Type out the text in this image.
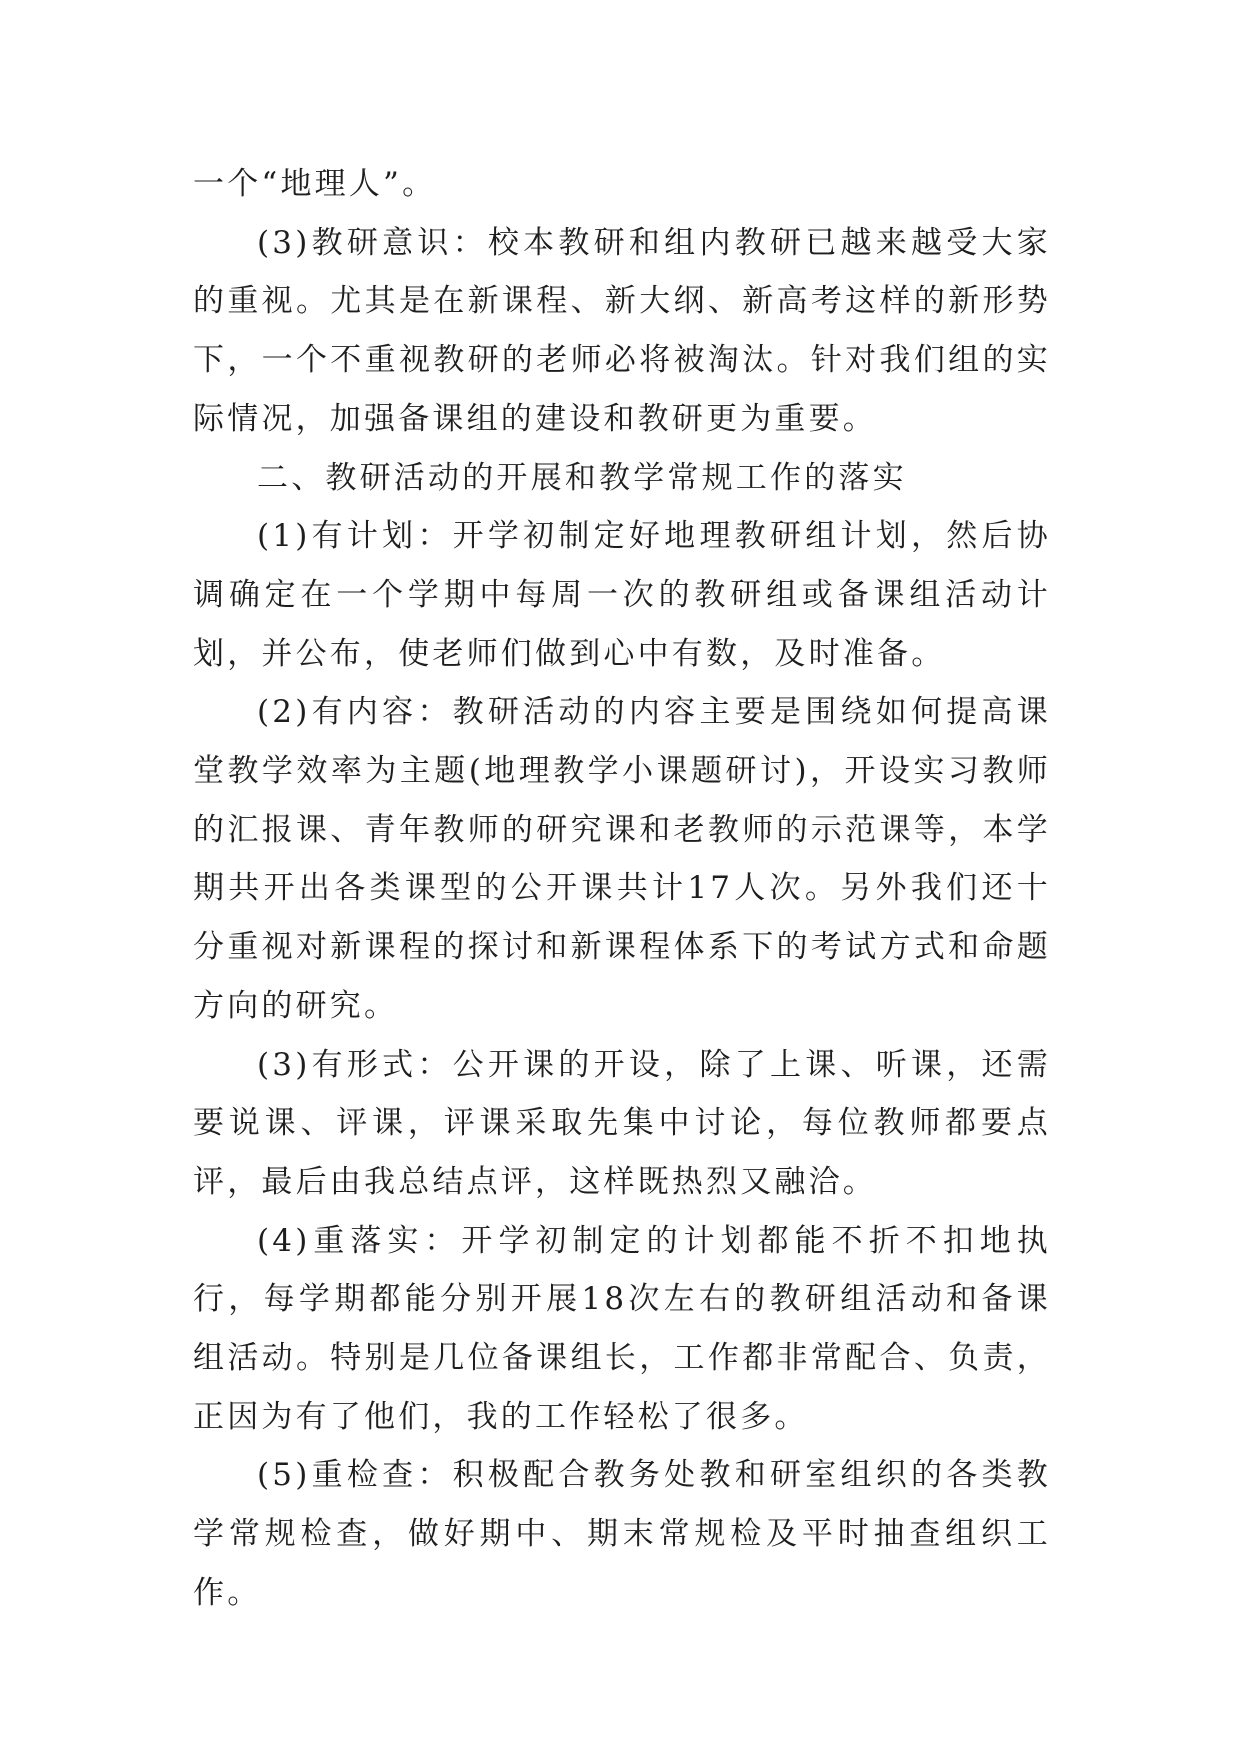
一个“地理人”。

(3)教研意识：校本教研和组内教研已越来越受大家的重视。尤其是在新课程、新大纲、新高考这样的新形势下，一个不重视教研的老师必将被淘汰。针对我们组的实际情况，加强备课组的建设和教研更为重要。

二、教研活动的开展和教学常规工作的落实

(1)有计划：开学初制定好地理教研组计划，然后协调确定在一个学期中每周一次的教研组或备课组活动计划，并公布，使老师们做到心中有数，及时准备。

(2)有内容：教研活动的内容主要是围绕如何提高课堂教学效率为主题(地理教学小课题研讨)，开设实习教师的汇报课、青年教师的研究课和老教师的示范课等，本学期共开出各类课型的公开课共计17人次。另外我们还十分重视对新课程的探讨和新课程体系下的考试方式和命题方向的研究。

(3)有形式：公开课的开设，除了上课、听课，还需要说课、评课，评课采取先集中讨论，每位教师都要点评，最后由我总结点评，这样既热烈又融洽。

(4)重落实：开学初制定的计划都能不折不扣地执行，每学期都能分别开展18次左右的教研组活动和备课组活动。特别是几位备课组长，工作都非常配合、负责，正因为有了他们，我的工作轻松了很多。

(5)重检查：积极配合教务处教和研室组织的各类教学常规检查，做好期中、期末常规检及平时抽查组织工作。
